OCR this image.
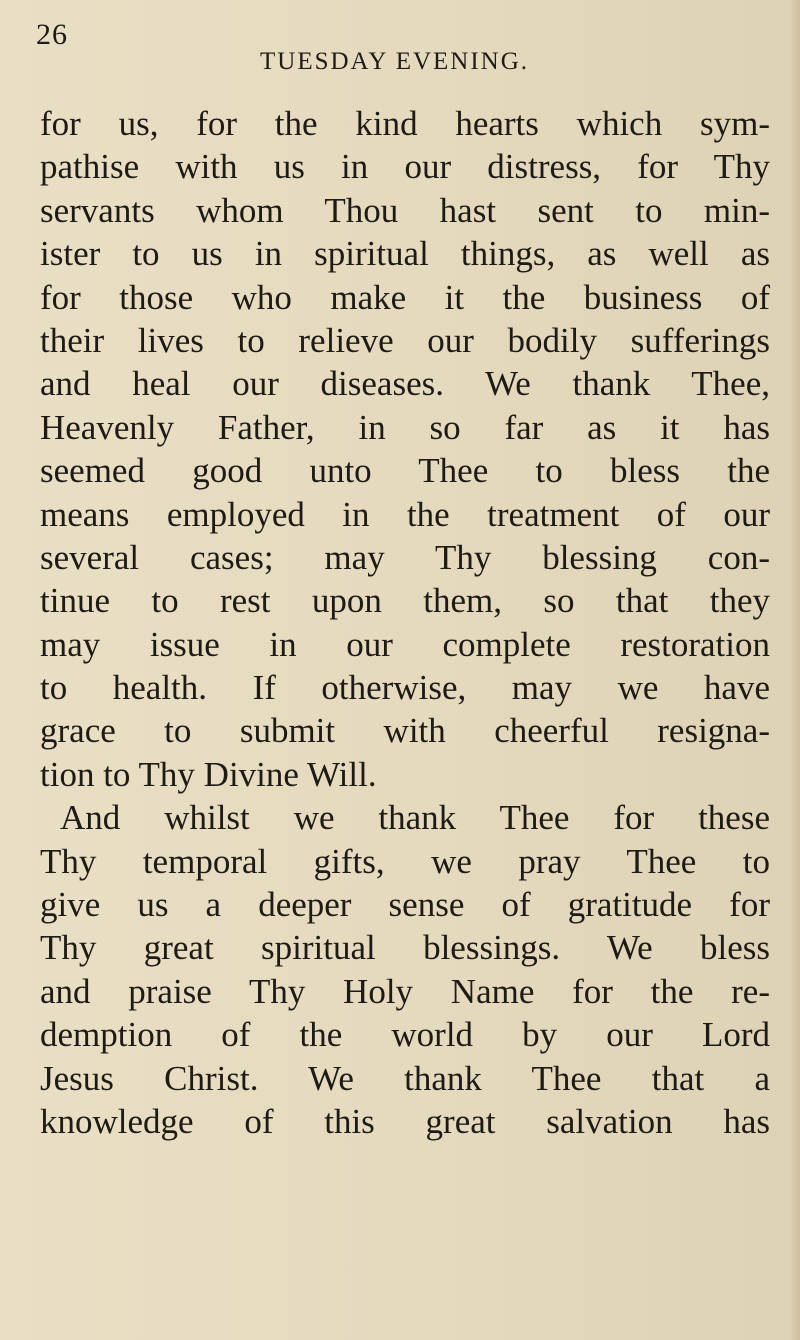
26
TUESDAY EVENING.
for us, for the kind hearts which sym-
pathise with us in our distress, for Thy
servants whom Thou hast sent to min-
ister to us in spiritual things, as well as
for those who make it the business of
their lives to relieve our bodily sufferings
and heal our diseases. We thank Thee,
Heavenly Father, in so far as it has
seemed good unto Thee to bless the
means employed in the treatment of our
several cases; may Thy blessing con-
tinue to rest upon them, so that they
may issue in our complete restoration
to health. If otherwise, may we have
grace to submit with cheerful resigna-
tion to Thy Divine Will.
And whilst we thank Thee for these
Thy temporal gifts, we pray Thee to
give us a deeper sense of gratitude for
Thy great spiritual blessings. We bless
and praise Thy Holy Name for the re-
demption of the world by our Lord
Jesus Christ. We thank Thee that a
knowledge of this great salvation has
